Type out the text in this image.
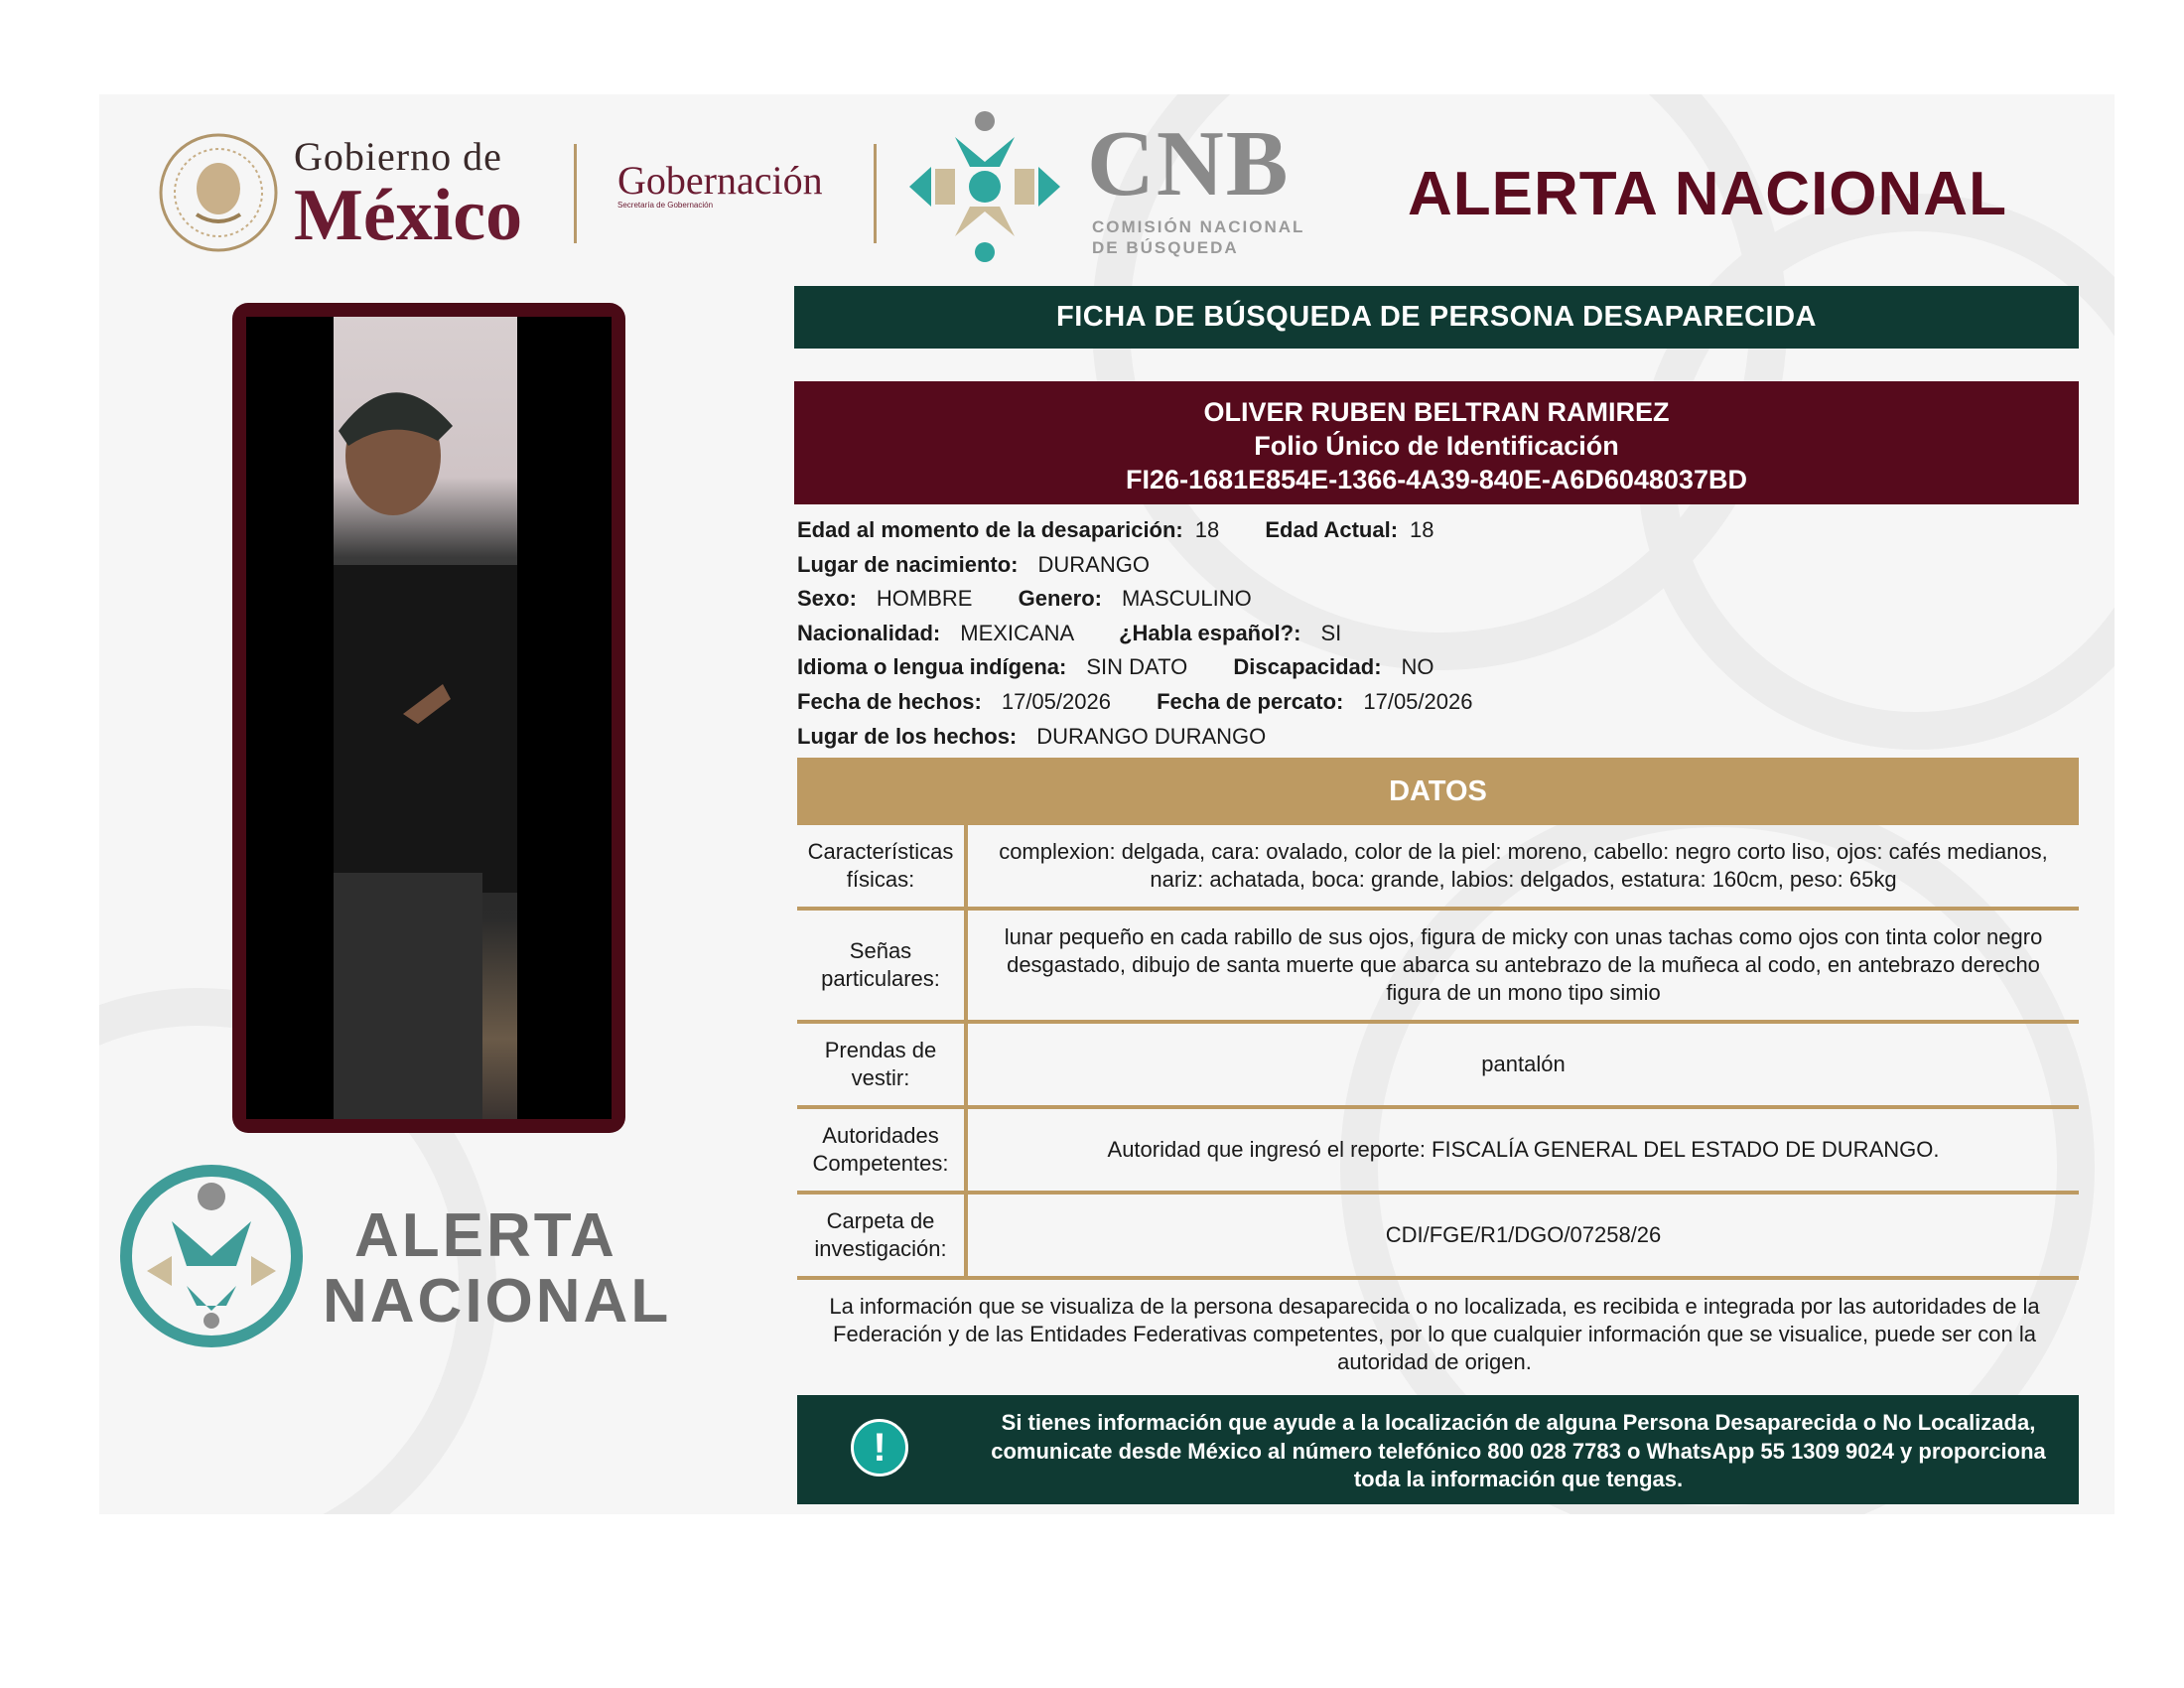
Gobierno de
México Gobernación
Secretaría de Gobernación	CNB
COMISIÓN NACIONAL
DE BÚSQUEDA
ALERTA NACIONAL
ALERTA
NACIONAL
FICHA DE BÚSQUEDA DE PERSONA DESAPARECIDA
OLIVER RUBEN BELTRAN RAMIREZ
Folio Único de Identificación
FI26-1681E854E-1366-4A39-840E-A6D6048037BD
Edad al momento de la desaparición: 18 Edad Actual: 18
Lugar de nacimiento: DURANGO
Sexo: HOMBRE Genero: MASCULINO
Nacionalidad: MEXICANA ¿Habla español?: SI
Idioma o lengua indígena: SIN DATO Discapacidad: NO
Fecha de hechos: 17/05/2026 Fecha de percato: 17/05/2026
Lugar de los hechos: DURANGO DURANGO
DATOS
Características físicas:
complexion: delgada, cara: ovalado, color de la piel: moreno, cabello: negro corto liso, ojos: cafés medianos, nariz: achatada, boca: grande, labios: delgados, estatura: 160cm, peso: 65kg
Señas particulares:
lunar pequeño en cada rabillo de sus ojos, figura de micky con unas tachas como ojos con tinta color negro desgastado, dibujo de santa muerte que abarca su antebrazo de la muñeca al codo, en antebrazo derecho figura de un mono tipo simio
Prendas de vestir:
pantalón
Autoridades Competentes:
Autoridad que ingresó el reporte: FISCALÍA GENERAL DEL ESTADO DE DURANGO.
Carpeta de investigación:
CDI/FGE/R1/DGO/07258/26
La información que se visualiza de la persona desaparecida o no localizada, es recibida e integrada por las autoridades de la Federación y de las Entidades Federativas competentes, por lo que cualquier información que se visualice, puede ser con la autoridad de origen.
!
Si tienes información que ayude a la localización de alguna Persona Desaparecida o No Localizada, comunicate desde México al número telefónico 800 028 7783 o WhatsApp 55 1309 9024 y proporciona toda la información que tengas.
